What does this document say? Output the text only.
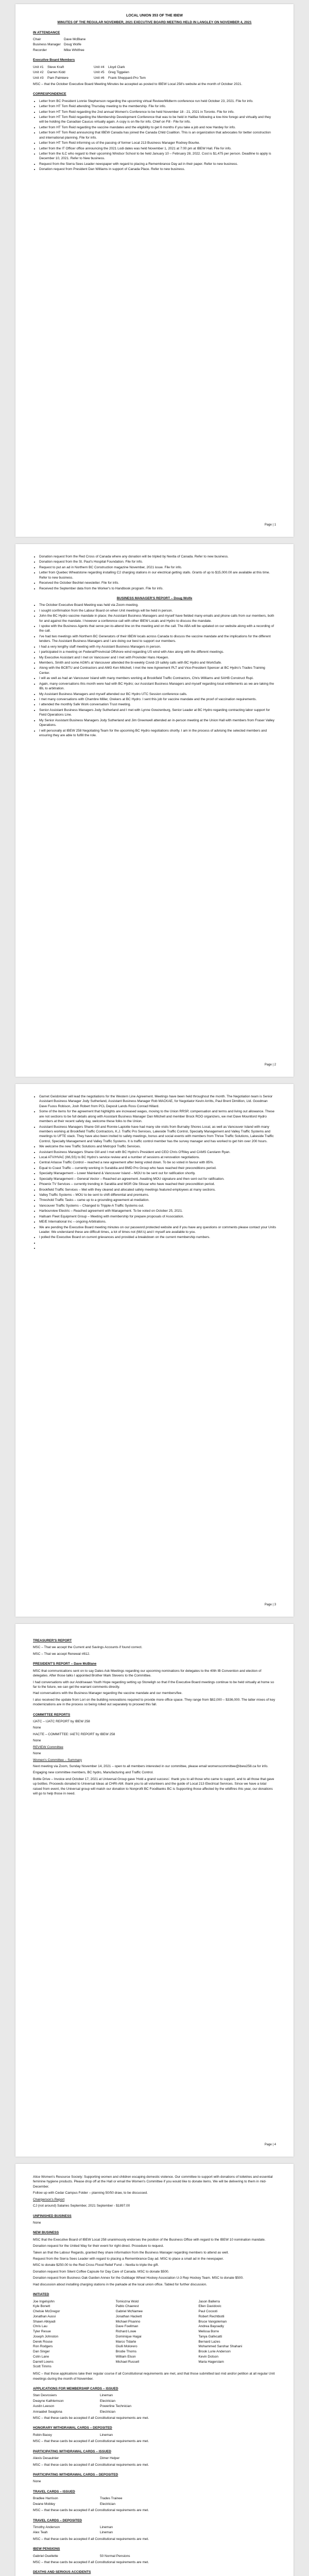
LOCAL UNION 353 OF THE IBEW
MINUTES OF THE REGULAR NOVEMBER, 2021 EXECUTIVE BOARD MEETING HELD IN LANGLEY ON NOVEMBER 4, 2021
IN ATTENDANCE
Chair	Dave McBlane
Business Manager Doug Wolfe
Recorder	Mike Whitfree
Executive Board Members
Unit #1	Steve Kraft	Unit #4	Lloyd Clark
Unit #2	Darren Kidd	Unit #5	Greg Tiggelen
Unit #3	Pam Palmiere	Unit #6	Frank Sheppard-Pro Tem

MSC – that the October Executive Board Meeting Minutes be accepted as posted to IBEW Local 258's website at the month of October 2021.

CORRESPONDENCE
• Letter from BC President Lonnie Stephenson regarding the upcoming virtual Review/Midterm conference run held October 23, 2021. File for info.
• Letter from HT Tom Reid attending Thursday meeting to the membership. File for info.
• Letter from HT Tom Reid regarding the 2nd annual Women's Conference to be held November 18 - 21, 2021 in Toronto. File for info.
• Letter from HT Tom Reid regarding the Membership Development Conference that was to be held in Halifax following a tow-hire forego and virtually and they will be holding the Canadian Caucus virtually again. A copy is on file for info. Chief on Fill - File for info.
• Letter from HT Tom Reid regarding the vaccine mandates and the eligibility to get 6 months if you take a job and now Hardey for info.
• Letter from HT Tom Reid announcing that IBEW Canada has joined the Canada Child Coalition. This is an organization that advocates for better construction and international planning. File for info.
• Letter from HT Tom Reid informing us of the passing of former Local 213 Business Manager Rodney Bourke.
• Letter from the IT Officer office announcing the 2021 Lodi dates was held November 1, 2021 at 7:00 pm at IBEW Hall. File for info.
• Letter from the ILC who regard to their upcoming Windsor School to be held January 10 – February 28, 2022. Cost is $1,475 per person. Deadline to apply is December 10, 2021. Refer to New business.
• Request from the Sierra Sees Leader newspaper with regard to placing a Remembrance Day ad in their paper. Refer to new business.
• Donation request from President Dan Williams in support of Canada Place. Refer to new business.
Page | 1
• Donation request from the Red Cross of Canada where any donation will be tripled by Nextla of Canada. Refer to new business.
• Donation request from the St. Paul's Hospital Foundation. File for info.
• Request to put an ad in Northern BC Construction magazine November, 2021 issue. File for info.
• Letter from Quebec Wheatstone regarding installing C2 charging stations in our electrical getting stalls. Grants of up to $15,000.00 are available at this time. Refer to new business.
• Received the October Bechtel newsletter. File for info.
• Received the September data from the Worker's to Handbook program. File for info.
BUSINESS MANAGER'S REPORT – Doug Wolfe
• The October Executive Board Meeting was held via Zoom meeting.
• I sought confirmation from the Labour Board on when Unit meetings will be held in person.
• John the BC Hydro vaccine mandate in place; the Assistant Business Managers and myself have fielded many emails and phone calls from our members, both for and against the mandate. I however a conference call with other IBEW Locals and Hydro to discuss the mandate.
• I spoke with the Business Agents that serve per-to-attend line on the meeting and on the call. The ABA will be updated on our website along with a recording of the call.
• I've had two meetings with Northern BC Generators of their IBEW locals across Canada to discuss the vaccine mandate and the implications for the different lenders. The Assistant Business Managers and I are doing our best to support our members.
• I had a very lengthy staff meeting with my Assistant Business Managers in person.
• I participated in a meeting on Federal/Provincial Offshore wind regarding US wind with Alex along with the different meetings.
• My Executive Assistant and I met on Vancouver and I met with Provinder Hans Hoegen.
• Members, Smith and some AGM's at Vancouver attended the bi-weekly Covid-19 safety calls with BC Hydro and WorkSafe.
• Along with the BCBTU and Contractors and AMG Ken Mitchell, I met the new Agreement PLT and Vice-President Spencer at BC Hydro's Trades Training Center.
• I will as well as had an Vancouver Island with many members working at Brookfield Traffic Contractors, Chris Williams and SAHB Construct Rupi.
• Again, many conversations this month were had with BC Hydro; our Assistant Business Managers and myself regarding local entitlements as we are taking the IBL to arbitration.
• My Assistant Business Managers and myself attended our BC Hydro UTC Session conference calls.
• I met many conversations with Chambre Miller, Orekers at BC Hydro. I sent this job for vaccine mandate and the proof of vaccination requirements.
• I attended the monthly Safe Work conversation Trust meeting.
• Senior Assistant Business Managers Jody Sutherland and I met with Lynne Gowzenburg, Senior Leader at BC Hydro regarding contracting labor support for Field Operations Line.
• My Senior Assistant Business Managers Jody Sutherland and Jim Greenwell attended an in-person meeting at the Union Hall with members from Fraser Valley Operations.
• I will personally at IBEW 258 Negotiating Team for the upcoming BC Hydro negotiations shortly. I am in the process of advising the selected members and ensuring they are able to fulfill the role.
Page | 2
• Garnet Geisbricker will lead the negotiations for the Western Line Agreement. Meetings have been held throughout the month. The Negotiation team is Senior Assistant Business Manager Jody Sutherland, Assistant Business Manager Rob MACKAE, for Negotiator Kevin Arritts, Paul Brent Dimillion, Ltd. Goodman Dave Fuoss Robison, Josh Robert from PCL Deposit Lands Ross Conrad Hillard.
• Some of the items for the agreement that highlights are increased wages, moving to the Union RRSP, compensation and terms and living out allowance. These are not sections to be full details along with Assistant Business Manager Dan Mitchell and member Brock ROO organizers, we met Dave Mountlord Hydro members at their recent safety day, welcome these folks to the Union.
• Assistant Business Managers Shane Gill and Ronnie Lapiotte have had many site visits from Burnaby Shores Local, as well as Vancouver Island with many members working at Brookfield Traffic Contractors, K.J. Traffic Pro Services, Lakeside Traffic Control, Specialty Management and Valley Traffic Systems and meetings to UFTE stack. They have also been invited to safety meetings, bonus and social events with members from Thrive Traffic Solutions, Lakeside Traffic Control, Specialty Management and Valley Traffic Systems. It is traffic control member has the survey manager and has worked to get him over 200 hours.
• We welcome the new Traffic Solutions and Metropol Traffic Services.
• Assistant Business Managers Shane Gill and I met with BC Hydro's President and CEO Chris O'Riley and CAMS Carolann Ryan.
• Local ATV/HVAC (WLSS) to BC Hydro's service review and a number of sessions at renovation negotiations.
• Central Arlasse Traffic Control – reached a new agreement after being voted down. To be so voted in favour with 85%.
• Equal to Coast Traffic – currently working in Surabilia and BMD Pro Group who have reached their preconditions period.
• Specialty Management – Lower Mainland & Vancouver Island – MOU to be sent out for ratification shortly.
• Specialty Management – General Vector – Reached an agreement. Awaiting MOU signature and then sent out for ratification.
• Phoenix TV Services – currently trending in Saratilia and MGR Ole Stissar who have reached their precondition period.
• Brookfield Traffic Services – Met with they cleared and allocated safety meetings featured employees at many sections.
• Valley Traffic Systems – MOU to be sent to shift differential and premiums.
• Threshold Traffic Tasks – came up to a grounding agreement at mediation.
• Vancouver Traffic Systems – Changed to Tripple-A Traffic Systems out.
• Harbourview Electric – Reached agreement with Management. To be voted on October 25, 2021.
• Hallsam Fleet Equipment Group – Meeting with membership for prepare proposals of Association.
• ME/E International Inc – ongoing Arbitrations.
• We are pending the Executive Board meeting minutes on our password protected website and if you have any questions or comments please contact your Units Leader. We understand these are difficult times, a lot of times not (MA's) and I myself are available to you.
• I polled the Executive Board on current grievances and provided a breakdown on the current membership numbers.
•
•
Page | 3
TREASURER'S REPORT

MSC – That we accept the Current and Savings Accounts if found correct.

MSC – That we accept Renewal #812.

PRESIDENT'S REPORT – Dave McBlane

MSC that communications sent on to say Dates Ask Meetings regarding our upcoming nominations for delegates to the 40th IB Convention and election of delegates. After those talks I appointed Brother Mark Stevens to the Committee.

I had conversations with our Andriseaan Youth Hope regarding setting up Stoneligh so that if the Executive Board meetings continue to be held virtually at home so far to the future, we can get the warrant comments directly.

Had conversations with the Business Manager regarding the vaccine mandate and our members/fee.

I also received the update from Lori on the building renovations required to provide more office space. They range from $82,000 – $336,000. The latter mixes of key modernizations are in the process so being rolled out separately to proceed this fall.

COMMITTEE REPORTS

IJATC – IJATC REPORT by IBEW 258

None

HACTE – COMMITTEE: IAETC REPORT by IBEW 258

None

REVIEW Committee

None

Women's Committee – Summary

Next meeting via Zoom, Sunday November 14, 2021 – open to all members interested in our committee, please email womenscommittee@ibew258.ca for info.

Engaging new committee members, BC hydro, Manufacturing and Traffic Control.

Bottle Drive – Invoice end October 17, 2021 at Universal Group gave 'Hold a grand success'. thank you to all those who came to support, and to all those that gave up bottles. Proceeds donated to Universal Ideas at CHRI-AM. thank you to all volunteers and the guide of Local 213 Electrical Services. Since we have a total raised from event, the Universal group will match our donation to Nonprofit BC Foodbanks BC is Supporting those affected by the wildfires this year, our donations will go to help those in need.

Page | 4

Alice Women's Resource Society: Supporting women and children escaping domestic violence. Our committee to support with donations of toiletries and essential feminine hygiene products. Please drop off at the Hall or email the Women's Committee if you would like to donate items. We will be delivering to them in mid-December.

Follow up with Cedar Campus Folder – planning 50/50 draw, to be discussed.

Chairperson's Report

CJ (not around) Salaries September, 2021 September - $1897.00

UNFINISHED BUSINESS

None

NEW BUSINESS

MSC that the Executive Board of IBEW Local 258 unanimously endorses the position of the Business Office with regard to the IBEW 10 nomination mandate.

Donation request for the United Way for their event for right direct. Procedure to request.

Taken an that the Labour Regards, granted they share information from the Business Manager regarding members to attend as well.

Request from the Sierra Sees Leader with regard to placing a Remembrance Day ad. MSC to place a small ad in the newspaper.

MSC to donate $250.00 to the Red Cross Flood Relief Fund – Nextla to triple the gift.

Donation request from Silent Coffee Capsule for Day Care of Canada. MSC to donate $500.

Donation request from Business Oak Garden Annex for the Gubbage Wheel Hockey Association U-3 Rep Hockey Team. MSC to donate $500.

Had discussion about installing charging stations in the parkade at the local union office. Tabled for further discussion.

INITIATED
Joe Ingelsjohn	Tomiozna Wold	Jason Ballerra
Kyle Bonett	Pablo Chaerest	Ellen Davidovic
Chelsie McGregor	Gabriel McNamee	Paul Cocooti
Jonathan Aussi	Jonathan Hackett	Robert Rechtbotli
Shawn Alkiyadi	Michael Pisanno	Bruce Vangoleman
Chris Lau	Dave Foellman	Andrea Bayoadly
Tyler Resue	Richard Lowe	Melissa Borre
Joseph Johnston	Dominique Hagai	Tanya Gallvcatti
Derek Rouse	Marco Tidarte	Bernard Lazes
Ron Rodgers	Giulli Molorero	Mohammed Sarohar Shahani
Dan Singer	Brodie Thoms	Brook Lurie Anderson
Colin Lane	William Elson	Kevin Dotson
Darrell Lowns	Michael Russell	Maria Hagerslam
Scott Timms

MSC – that those applications take their regular course if all Constitutional requirements are met, and that those submitted last mid and/or petition at all regular Unit meetings during the month of November.

APPLICATIONS FOR MEMBERSHIP CARDS – ISSUED
Stan Desrosiers	Lineman
Dwayne Kathlemson	Electrician
Austin Leeson	Powerline Technician
Annaabel Seaglona	Electrician

MSC – that these cards be accepted if all Constitutional requirements are met.

HONORARY WITHDRAWAL CARDS – DEPOSITED
Robin Bacey	Lineman

MSC – that these cards be accepted if all Constitutional requirements are met.

PARTICIPATING WITHDRAWAL CARDS – ISSUED
Alexis Desaulnier	Dimer Helper

MSC – that these cards be accepted if all Constitutional requirements are met.

PARTICIPATING WITHDRAWAL CARDS – DEPOSITED

None

TRAVEL CARDS – ISSUED
Bradlee Harrison	Trades Trainee
Dwane Mobley	Electrician

MSC – that these cards be accepted if all Constitutional requirements are met.

TRAVEL CARDS – DEPOSITED
Timothy Anderson	Lineman
Alex Teah	Lineman

MSC – that these cards be accepted if all Constitutional requirements are met.

IBEW PENSIONS
Gabriel Ouellette	50 Normal Pensions

MSC – that these cards be accepted if all Constitutional requirements are met.

DEATHS AND SERIOUS ACCIDENTS
